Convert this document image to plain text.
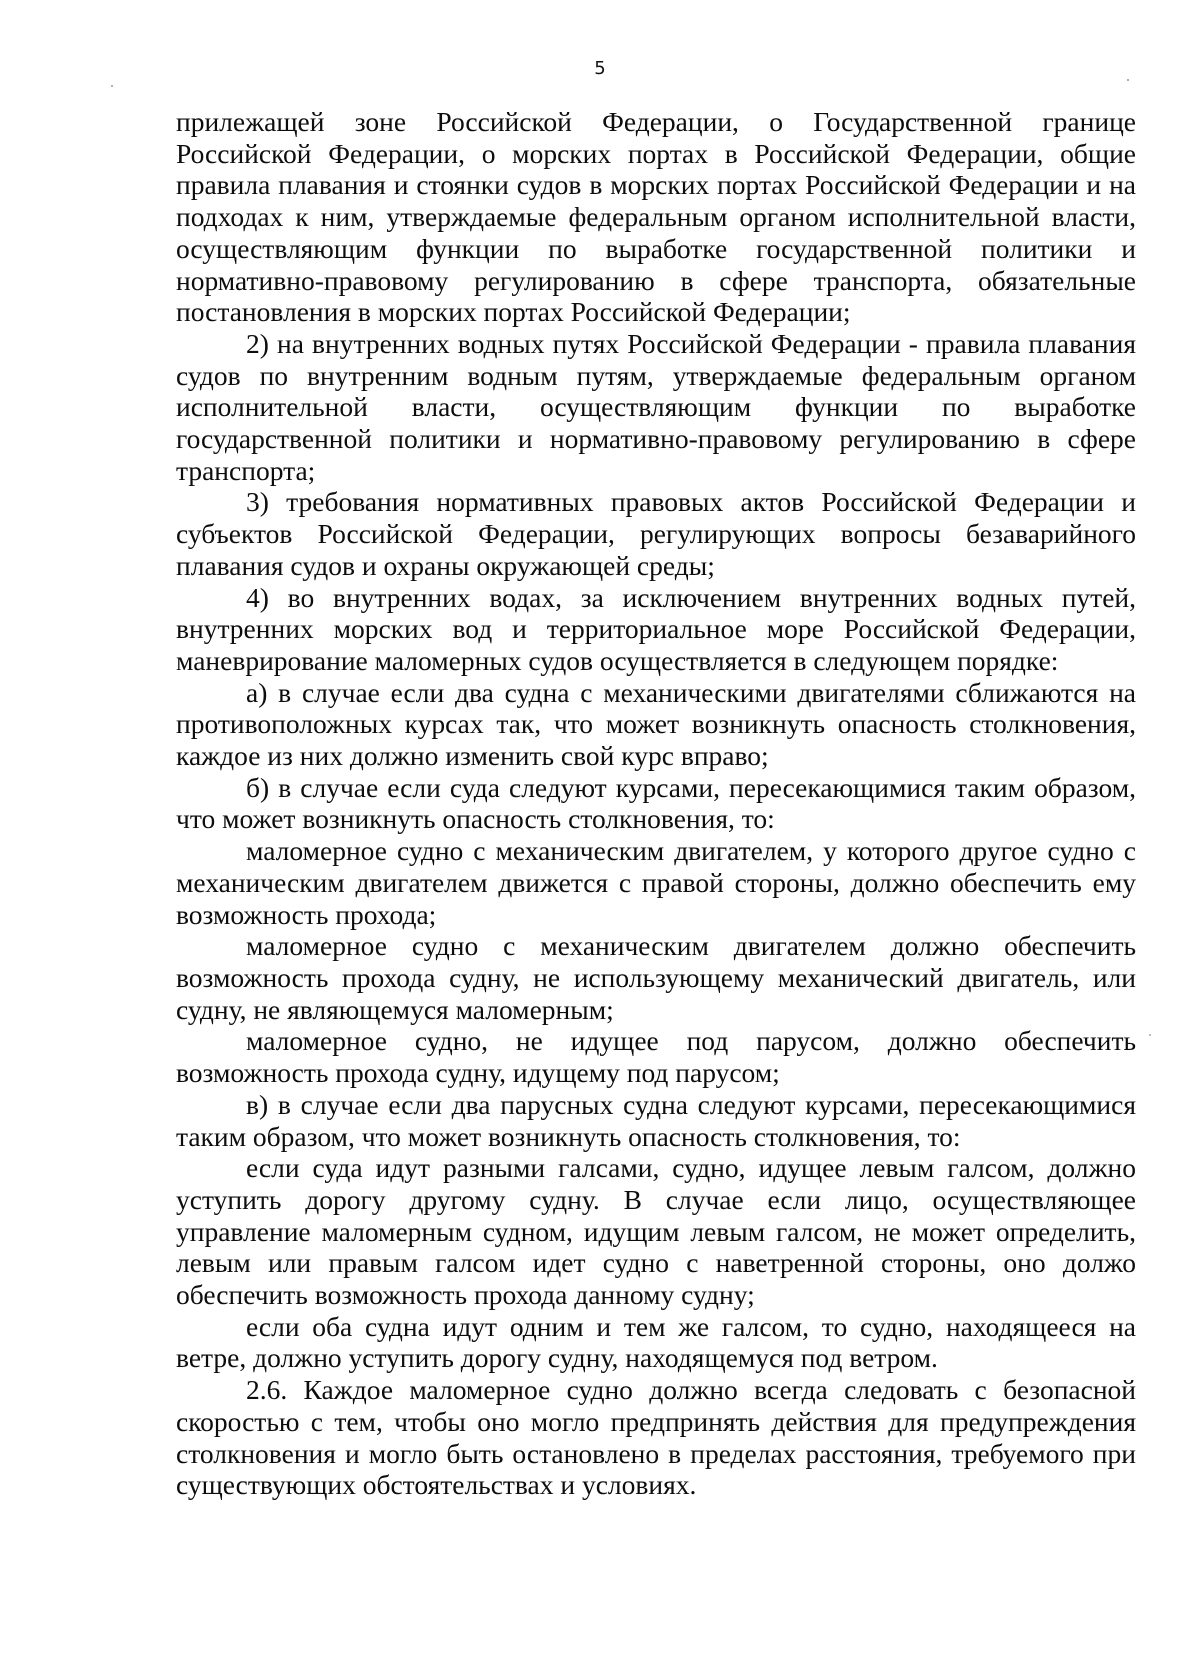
5

прилежащей зоне Российской Федерации, о Государственной границе Российской Федерации, о морских портах в Российской Федерации, общие правила плавания и стоянки судов в морских портах Российской Федерации и на подходах к ним, утверждаемые федеральным органом исполнительной власти, осуществляющим функции по выработке государственной политики и нормативно-правовому регулированию в сфере транспорта, обязательные постановления в морских портах Российской Федерации;

2) на внутренних водных путях Российской Федерации - правила плавания судов по внутренним водным путям, утверждаемые федеральным органом исполнительной власти, осуществляющим функции по выработке государственной политики и нормативно-правовому регулированию в сфере транспорта;

3) требования нормативных правовых актов Российской Федерации и субъектов Российской Федерации, регулирующих вопросы безаварийного плавания судов и охраны окружающей среды;

4) во внутренних водах, за исключением внутренних водных путей, внутренних морских вод и территориальное море Российской Федерации, маневрирование маломерных судов осуществляется в следующем порядке:

а) в случае если два судна с механическими двигателями сближаются на противоположных курсах так, что может возникнуть опасность столкновения, каждое из них должно изменить свой курс вправо;

б) в случае если суда следуют курсами, пересекающимися таким образом, что может возникнуть опасность столкновения, то:

маломерное судно с механическим двигателем, у которого другое судно с механическим двигателем движется с правой стороны, должно обеспечить ему возможность прохода;

маломерное судно с механическим двигателем должно обеспечить возможность прохода судну, не использующему механический двигатель, или судну, не являющемуся маломерным;

маломерное судно, не идущее под парусом, должно обеспечить возможность прохода судну, идущему под парусом;

в) в случае если два парусных судна следуют курсами, пересекающимися таким образом, что может возникнуть опасность столкновения, то:

если суда идут разными галсами, судно, идущее левым галсом, должно уступить дорогу другому судну. В случае если лицо, осуществляющее управление маломерным судном, идущим левым галсом, не может определить, левым или правым галсом идет судно с наветренной стороны, оно должо обеспечить возможность прохода данному судну;

если оба судна идут одним и тем же галсом, то судно, находящееся на ветре, должно уступить дорогу судну, находящемуся под ветром.

2.6. Каждое маломерное судно должно всегда следовать с безопасной скоростью с тем, чтобы оно могло предпринять действия для предупреждения столкновения и могло быть остановлено в пределах расстояния, требуемого при существующих обстоятельствах и условиях.
